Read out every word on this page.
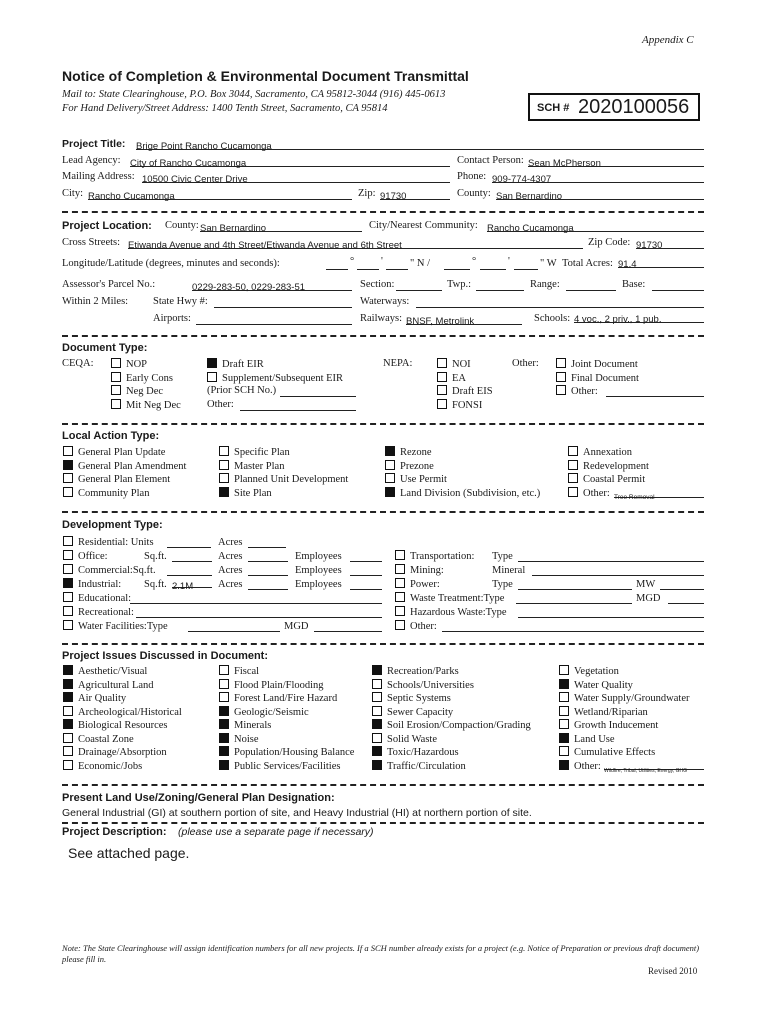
Appendix C
Notice of Completion & Environmental Document Transmittal
Mail to: State Clearinghouse, P.O. Box 3044, Sacramento, CA 95812-3044 (916) 445-0613
For Hand Delivery/Street Address: 1400 Tenth Street, Sacramento, CA 95814	SCH # 2020100056
Project Title: Brige Point Rancho Cucamonga
Lead Agency: City of Rancho Cucamonga	Contact Person: Sean McPherson
Mailing Address: 10500 Civic Center Drive	Phone: 909-774-4307
City: Rancho Cucamonga	Zip: 91730	County: San Bernardino
Project Location: County: San Bernardino	City/Nearest Community: Rancho Cucamonga
Cross Streets: Etiwanda Avenue and 4th Street/Etiwanda Avenue and 6th Street	Zip Code: 91730
Longitude/Latitude (degrees, minutes and seconds):	°	'	" N /	°	'	" W Total Acres: 91.4
Assessor's Parcel No.:	0229-283-50, 0229-283-51	Section:	Twp.:	Range:	Base:
Within 2 Miles: State Hwy #:	Waterways:
Airports:	Railways: BNSF, Metrolink	Schools: 4 voc., 2 priv., 1 pub.
Document Type:
CEQA:	NOP
Early Cons
Neg Dec
Mit Neg Dec
Draft EIR
Supplement/Subsequent EIR
(Prior SCH No.)
Other:
NEPA:	NOI
EA
Draft EIS
FONSI
Other:	Joint Document
Final Document
Other:
Local Action Type:
General Plan Update
General Plan Amendment
General Plan Element
Community Plan
Specific Plan
Master Plan
Planned Unit Development
Site Plan
Rezone
Prezone
Use Permit
Land Division (Subdivision, etc.)
Annexation
Redevelopment
Coastal Permit
Other: Tree Removal
Development Type:
Residential: Units	Acres
Office:	Sq.ft.	Acres	Employees
Commercial:Sq.ft.	Acres	Employees
Industrial: Sq.ft. 2.1M	Acres	Employees
Educational:
Recreational:
Water Facilities:Type	MGD
Transportation: Type
Mining:	Mineral
Power:	Type	MW
Waste Treatment:Type	MGD
Hazardous Waste:Type
Other:
Project Issues Discussed in Document:
Aesthetic/Visual
Agricultural Land
Air Quality
Archeological/Historical
Biological Resources
Coastal Zone
Drainage/Absorption
Economic/Jobs
Fiscal
Flood Plain/Flooding
Forest Land/Fire Hazard
Geologic/Seismic
Minerals
Noise
Population/Housing Balance
Public Services/Facilities
Recreation/Parks
Schools/Universities
Septic Systems
Sewer Capacity
Soil Erosion/Compaction/Grading
Solid Waste
Toxic/Hazardous
Traffic/Circulation
Vegetation
Water Quality
Water Supply/Groundwater
Wetland/Riparian
Growth Inducement
Land Use
Cumulative Effects
Other: Wildfire, Tribal, Utilities, Energy, GHG
Present Land Use/Zoning/General Plan Designation:
General Industrial (GI) at southern portion of site, and Heavy Industrial (HI) at northern portion of site.
Project Description: (please use a separate page if necessary)
See attached page.
Note: The State Clearinghouse will assign identification numbers for all new projects. If a SCH number already exists for a project (e.g. Notice of Preparation or previous draft document) please fill in.
Revised 2010
